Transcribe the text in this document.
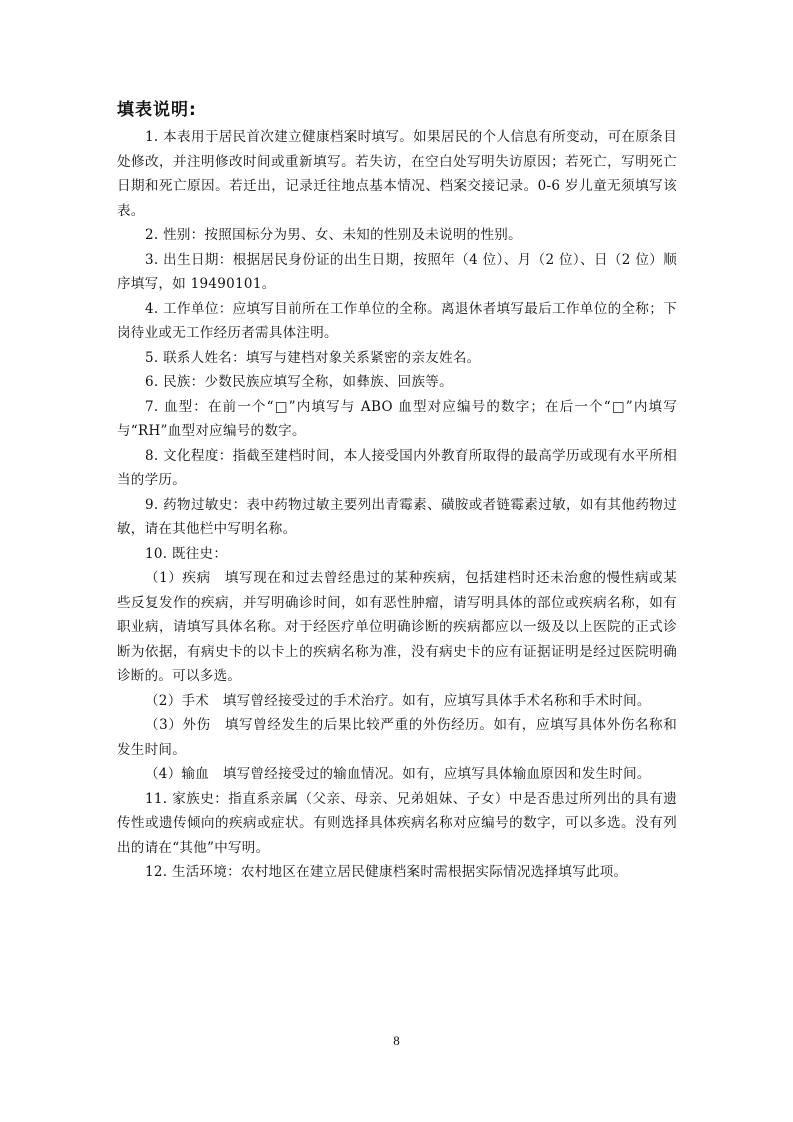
填表说明:

1. 本表用于居民首次建立健康档案时填写。如果居民的个人信息有所变动，可在原条目处修改，并注明修改时间或重新填写。若失访，在空白处写明失访原因；若死亡，写明死亡日期和死亡原因。若迁出，记录迁往地点基本情况、档案交接记录。0-6 岁儿童无须填写该表。

2. 性别：按照国标分为男、女、未知的性别及未说明的性别。

3. 出生日期：根据居民身份证的出生日期，按照年（4 位）、月（2 位）、日（2 位）顺序填写，如 19490101。

4. 工作单位：应填写目前所在工作单位的全称。离退休者填写最后工作单位的全称；下岗待业或无工作经历者需具体注明。

5. 联系人姓名：填写与建档对象关系紧密的亲友姓名。

6. 民族：少数民族应填写全称，如彝族、回族等。

7. 血型：在前一个“□”内填写与 ABO 血型对应编号的数字；在后一个“□”内填写与“RH”血型对应编号的数字。

8. 文化程度：指截至建档时间，本人接受国内外教育所取得的最高学历或现有水平所相当的学历。

9. 药物过敏史：表中药物过敏主要列出青霉素、磺胺或者链霉素过敏，如有其他药物过敏，请在其他栏中写明名称。

10. 既往史：

（1）疾病　填写现在和过去曾经患过的某种疾病，包括建档时还未治愈的慢性病或某些反复发作的疾病，并写明确诊时间，如有恶性肿瘤，请写明具体的部位或疾病名称，如有职业病，请填写具体名称。对于经医疗单位明确诊断的疾病都应以一级及以上医院的正式诊断为依据，有病史卡的以卡上的疾病名称为准，没有病史卡的应有证据证明是经过医院明确诊断的。可以多选。

（2）手术　填写曾经接受过的手术治疗。如有，应填写具体手术名称和手术时间。

（3）外伤　填写曾经发生的后果比较严重的外伤经历。如有，应填写具体外伤名称和发生时间。

（4）输血　填写曾经接受过的输血情况。如有，应填写具体输血原因和发生时间。

11. 家族史：指直系亲属（父亲、母亲、兄弟姐妹、子女）中是否患过所列出的具有遗传性或遗传倾向的疾病或症状。有则选择具体疾病名称对应编号的数字，可以多选。没有列出的请在“其他”中写明。

12. 生活环境：农村地区在建立居民健康档案时需根据实际情况选择填写此项。

8
